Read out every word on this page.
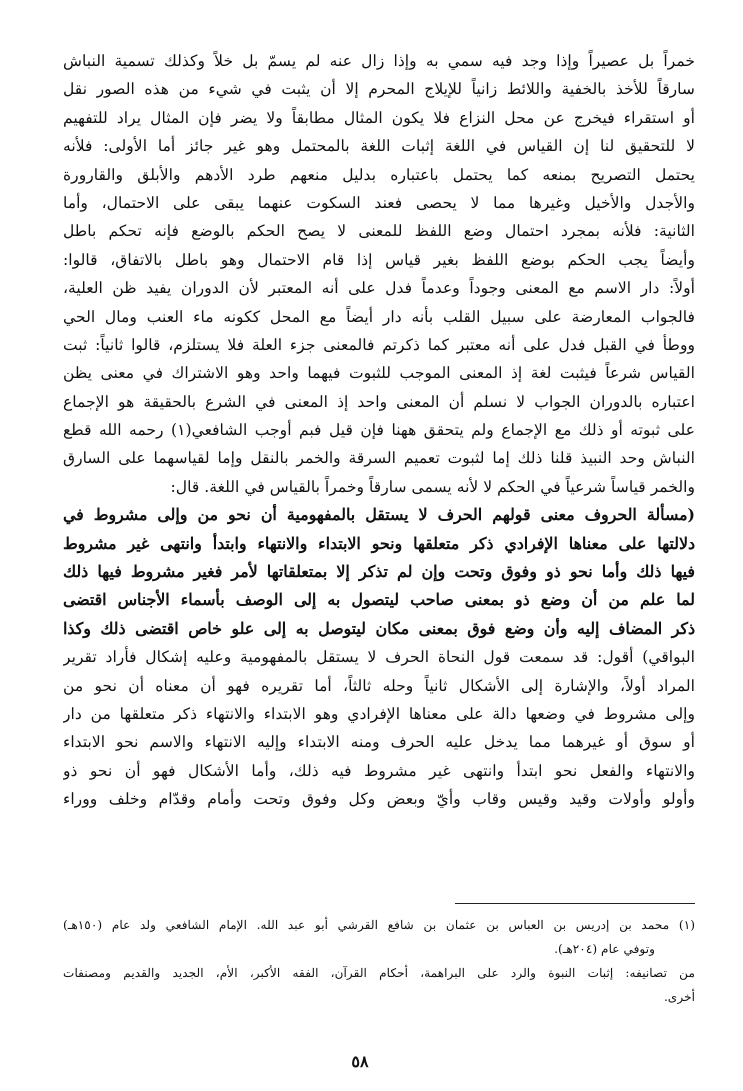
خمراً بل عصيراً وإذا وجد فيه سمي به وإذا زال عنه لم يسمّ بل خلاً وكذلك تسمية النباش
سارقاً للأخذ بالخفية واللائط زانياً للإيلاج المحرم إلا أن يثبت في شيء من هذه الصور نقل
أو استقراء فيخرج عن محل النزاع فلا يكون المثال مطابقاً ولا يضر فإن المثال يراد للتفهيم
لا للتحقيق لنا إن القياس في اللغة إثبات اللغة بالمحتمل وهو غير جائز أما الأولى: فلأنه
يحتمل التصريح بمنعه كما يحتمل باعتباره بدليل منعهم طرد الأدهم والأبلق والقارورة
والأجدل والأخيل وغيرها مما لا يحصى فعند السكوت عنهما يبقى على الاحتمال، وأما
الثانية: فلأنه بمجرد احتمال وضع اللفظ للمعنى لا يصح الحكم بالوضع فإنه تحكم باطل
وأيضاً يجب الحكم بوضع اللفظ بغير قياس إذا قام الاحتمال وهو باطل بالاتفاق، قالوا:
أولاً: دار الاسم مع المعنى وجوداً وعدماً فدل على أنه المعتبر لأن الدوران يفيد ظن العلية،
فالجواب المعارضة على سبيل القلب بأنه دار أيضاً مع المحل ككونه ماء العنب ومال الحي
ووطأ في القبل فدل على أنه معتبر كما ذكرتم فالمعنى جزء العلة فلا يستلزم، قالوا ثانياً: ثبت
القياس شرعاً فيثبت لغة إذ المعنى الموجب للثبوت فيهما واحد وهو الاشتراك في معنى يظن
اعتباره بالدوران الجواب لا نسلم أن المعنى واحد إذ المعنى في الشرع بالحقيقة هو الإجماع
على ثبوته أو ذلك مع الإجماع ولم يتحقق ههنا فإن قيل فبم أوجب الشافعي(١) رحمه الله قطع
النباش وحد النبيذ قلنا ذلك إما لثبوت تعميم السرقة والخمر بالنقل وإما لقياسهما على السارق
والخمر قياساً شرعياً في الحكم لا لأنه يسمى سارقاً وخمراً بالقياس في اللغة. قال:
(مسألة الحروف معنى قولهم الحرف لا يستقل بالمفهومية أن نحو من وإلى مشروط في
دلالتها على معناها الإفرادي ذكر متعلقها ونحو الابتداء والانتهاء وابتدأ وانتهى غير مشروط
فيها ذلك وأما نحو ذو وفوق وتحت وإن لم تذكر إلا بمتعلقاتها لأمر فغير مشروط فيها ذلك
لما علم من أن وضع ذو بمعنى صاحب ليتصول به إلى الوصف بأسماء الأجناس اقتضى
ذكر المضاف إليه وأن وضع فوق بمعنى مكان ليتوصل به إلى علو خاص اقتضى ذلك وكذا
البواقي) أقول: قد سمعت قول النحاة الحرف لا يستقل بالمفهومية وعليه إشكال فأراد تقرير
المراد أولاً، والإشارة إلى الأشكال ثانياً وحله ثالثاً، أما تقريره فهو أن معناه أن نحو من
وإلى مشروط في وضعها دالة على معناها الإفرادي وهو الابتداء والانتهاء ذكر متعلقها من دار
أو سوق أو غيرهما مما يدخل عليه الحرف ومنه الابتداء وإليه الانتهاء والاسم نحو الابتداء
والانتهاء والفعل نحو ابتدأ وانتهى غير مشروط فيه ذلك، وأما الأشكال فهو أن نحو ذو
وأولو وأولات وقيد وقيس وقاب وأيّ وبعض وكل وفوق وتحت وأمام وقدّام وخلف ووراء
(١) محمد بن إدريس بن العباس بن عثمان بن شافع القرشي أبو عبد الله. الإمام الشافعي ولد عام (١٥٠هـ)
وتوفي عام (٢٠٤هـ).
من تصانيفه: إثبات النبوة والرد على البراهمة، أحكام القرآن، الفقه الأكبر، الأم، الجديد والقديم ومصنفات
أخرى.
٥٨
